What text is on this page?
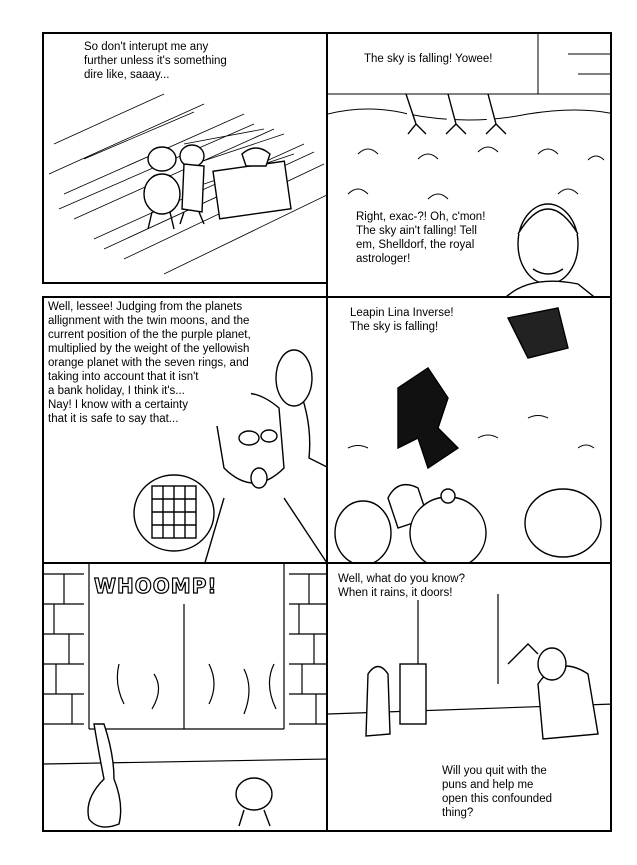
So don't interupt me any
further unless it's something
dire like, saaay...
The sky is falling! Yowee!
Right, exac-?! Oh, c'mon!
The sky ain't falling! Tell
em, Shelldorf, the royal
astrologer!
Well, lessee! Judging from the planets
allignment with the twin moons, and the
current position of the the purple planet,
multiplied by the weight of the yellowish
orange planet with the seven rings, and
taking into account that it isn't
a bank holiday, I think it's...
Nay! I know with a certainty
that it is safe to say that...
Leapin Lina Inverse!
The sky is falling!
WHOOMP!	Well, what do you know?
When it rains, it doors!
Will you quit with the
puns and help me
open this confounded
thing?
